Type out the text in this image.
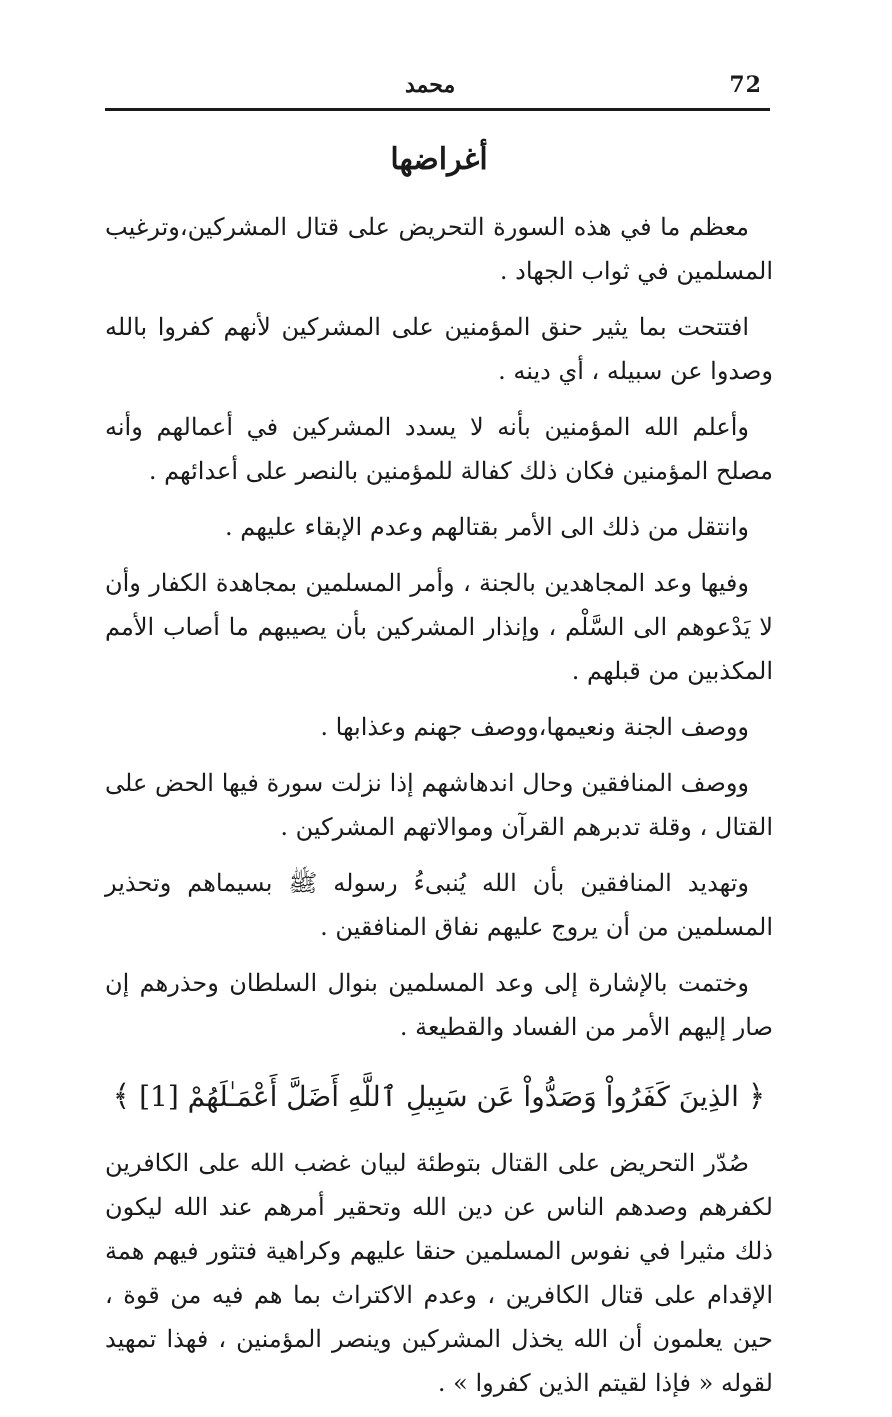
72
محمد
أغراضها

معظم ما في هذه السورة التحريض على قتال المشركين،وترغيب المسلمين في ثواب الجهاد .

افتتحت بما يثير حنق المؤمنين على المشركين لأنهم كفروا بالله وصدوا عن سبيله ، أي دينه .

وأعلم الله المؤمنين بأنه لا يسدد المشركين في أعمالهم وأنه مصلح المؤمنين فكان ذلك كفالة للمؤمنين بالنصر على أعدائهم .

وانتقل من ذلك الى الأمر بقتالهم وعدم الإبقاء عليهم .

وفيها وعد المجاهدين بالجنة ، وأمر المسلمين بمجاهدة الكفار وأن لا يَدْعوهم الى السَّلْم ، وإنذار المشركين بأن يصيبهم ما أصاب الأمم المكذبين من قبلهم .

ووصف الجنة ونعيمها،ووصف جهنم وعذابها .

ووصف المنافقين وحال اندهاشهم إذا نزلت سورة فيها الحض على القتال ، وقلة تدبرهم القرآن وموالاتهم المشركين .

وتهديد المنافقين بأن الله يُنبىءُ رسوله ﷺ بسيماهم وتحذير المسلمين من أن يروج عليهم نفاق المنافقين .

وختمت بالإشارة إلى وعد المسلمين بنوال السلطان وحذرهم إن صار إليهم الأمر من الفساد والقطيعة .

﴿ الذِينَ كَفَرُواْ وَصَدُّواْ عَن سَبِيلِ ٱللَّهِ أَضَلَّ أَعْمَـٰلَهُمْ [1] ﴾

صُدّر التحريض على القتال بتوطئة لبيان غضب الله على الكافرين لكفرهم وصدهم الناس عن دين الله وتحقير أمرهم عند الله ليكون ذلك مثيرا في نفوس المسلمين حنقا عليهم وكراهية فتثور فيهم همة الإقدام على قتال الكافرين ، وعدم الاكتراث بما هم فيه من قوة ، حين يعلمون أن الله يخذل المشركين وينصر المؤمنين ، فهذا تمهيد لقوله « فإذا لقيتم الذين كفروا » .
